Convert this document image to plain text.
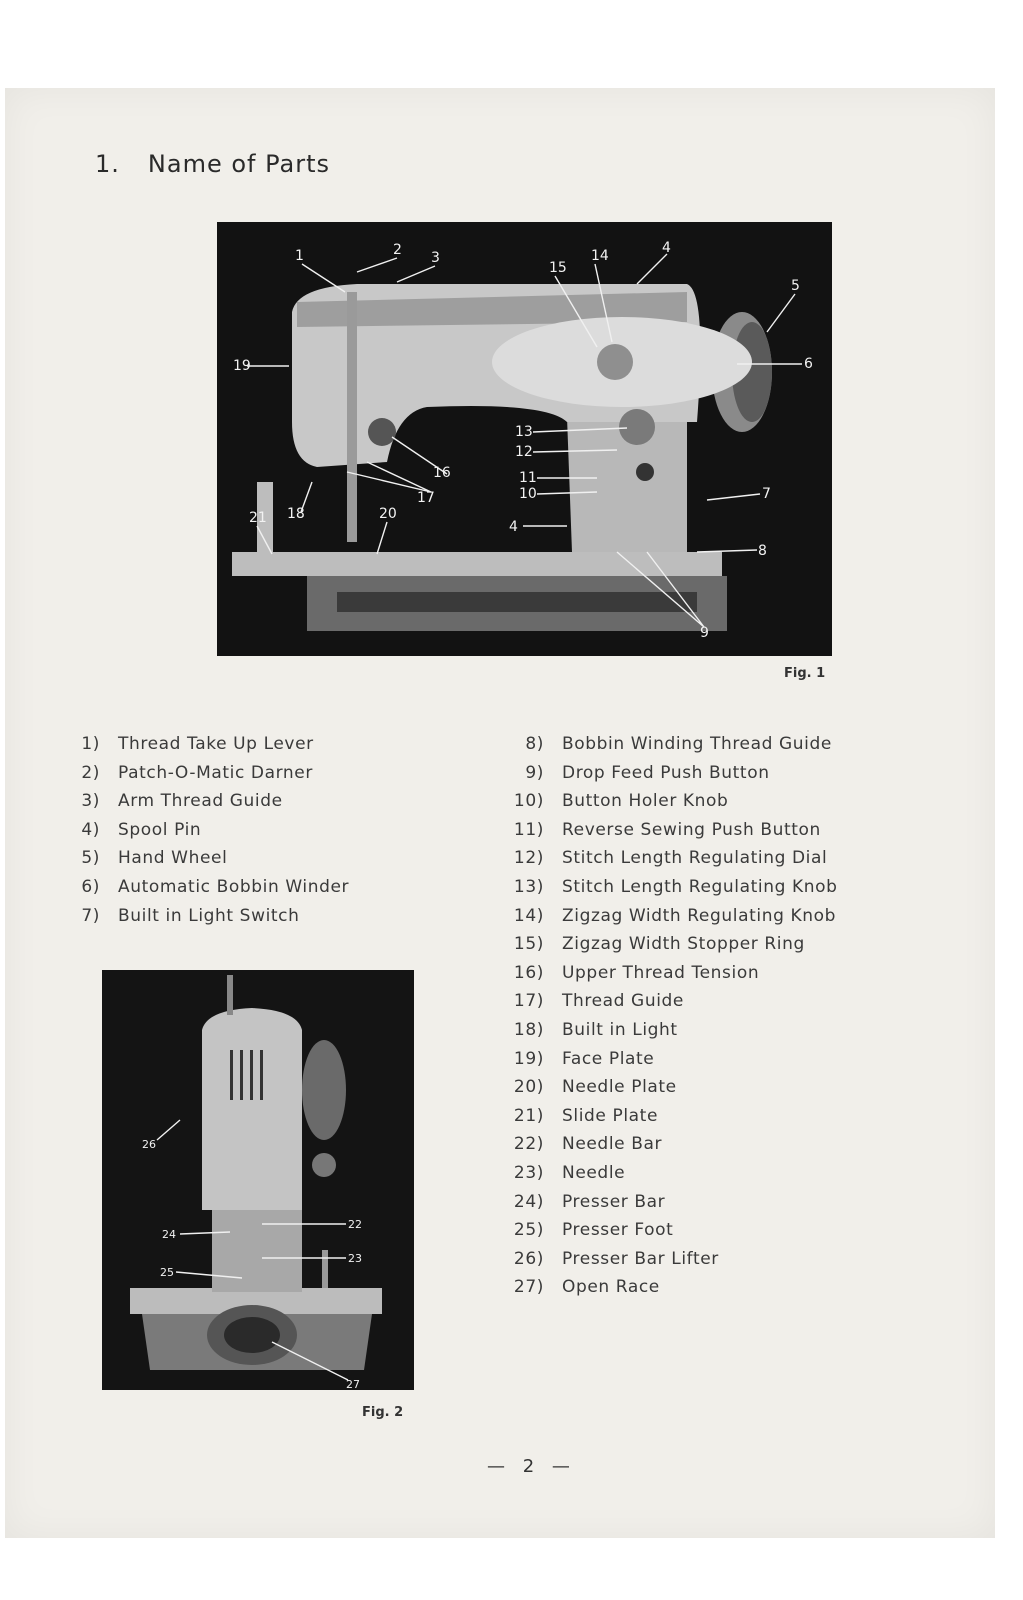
1. Name of Parts
1	2 3
4
5
6
7
8
9
10
11
12
13
14
15
16
17
18
19
20
21
4
Fig. 1
1) Thread Take Up Lever
2) Patch-O-Matic Darner
3) Arm Thread Guide
4) Spool Pin
5) Hand Wheel
6) Automatic Bobbin Winder
7) Built in Light Switch
8) Bobbin Winding Thread Guide
9) Drop Feed Push Button
10) Button Holer Knob
11) Reverse Sewing Push Button
12) Stitch Length Regulating Dial
13) Stitch Length Regulating Knob
14) Zigzag Width Regulating Knob
15) Zigzag Width Stopper Ring
16) Upper Thread Tension
17) Thread Guide
18) Built in Light
19) Face Plate
20) Needle Plate
21) Slide Plate
22) Needle Bar
23) Needle
24) Presser Bar
25) Presser Foot
26) Presser Bar Lifter
27) Open Race
22
23
24
25
26
27
Fig. 2
— 2 —
